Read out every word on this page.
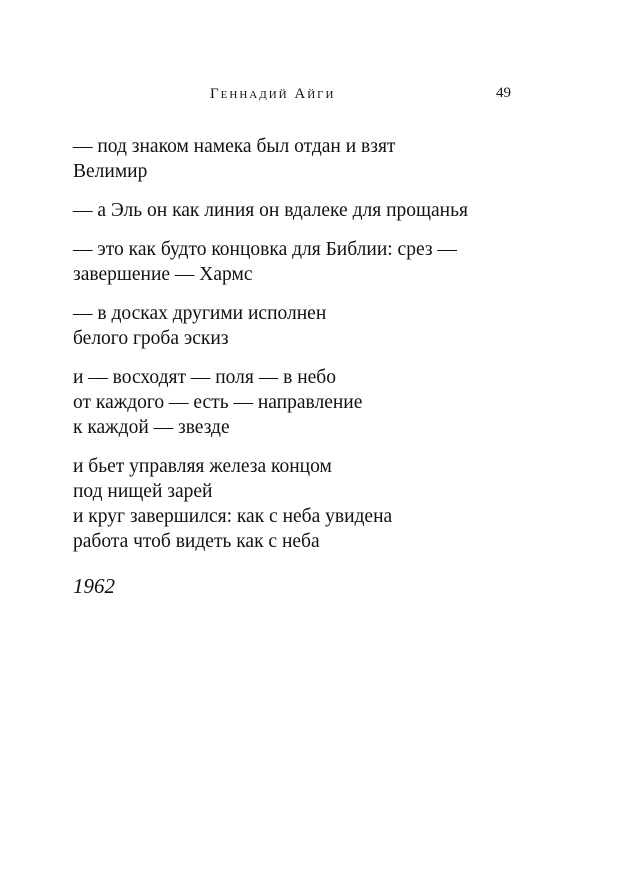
Геннадий Айги	49
— под знаком намека был отдан и взят
Велимир
— а Эль он как линия он вдалеке для прощанья
— это как будто концовка для Библии: срез —
завершение — Хармс
— в досках другими исполнен
белого гроба эскиз
и — восходят — поля — в небо
от каждого — есть — направление
к каждой — звезде
и бьет управляя железа концом
под нищей зарей
и круг завершился: как с неба увидена
работа чтоб видеть как с неба
1962
